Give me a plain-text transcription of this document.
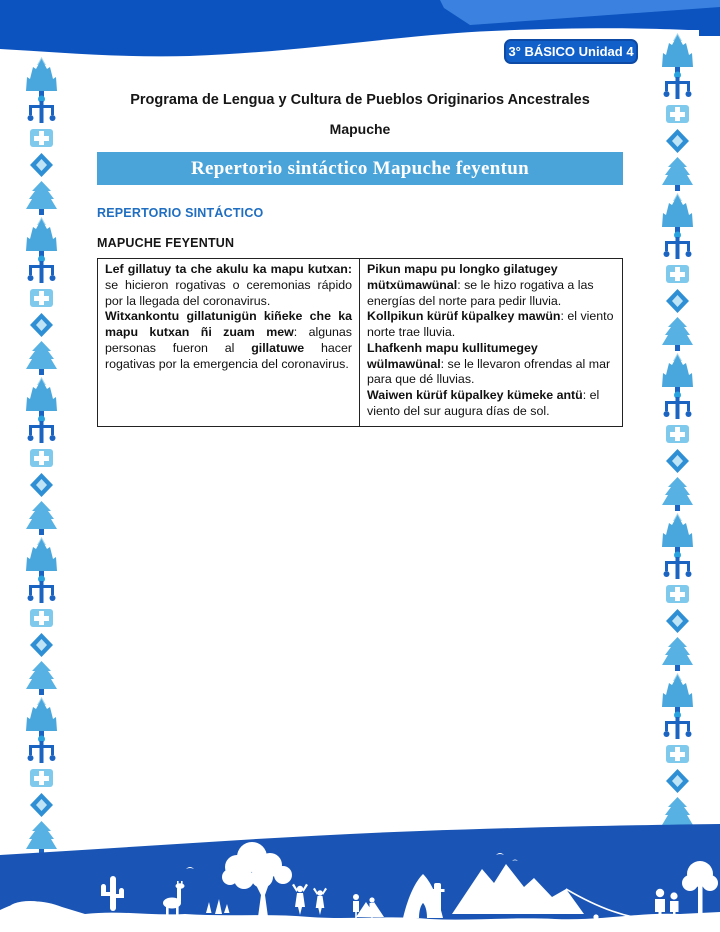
3° BÁSICO Unidad 4
Programa de Lengua y Cultura de Pueblos Originarios Ancestrales
Mapuche
Repertorio sintáctico Mapuche feyentun
REPERTORIO SINTÁCTICO
MAPUCHE FEYENTUN

Lef gillatuy ta che akulu ka mapu kutxan: se hicieron rogativas o ceremonias rápido por la llegada del coronavirus.

Witxankontu gillatunigün kiñeke che ka mapu kutxan ñi zuam mew: algunas personas fueron al gillatuwe hacer rogativas por la emergencia del coronavirus.

Pikun mapu pu longko gilatugey mütxümawünal: se le hizo rogativa a las energías del norte para pedir lluvia.

Kollpikun kürüf küpalkey mawün: el viento norte trae lluvia.

Lhafkenh mapu kullitumegey wülmawünal: se le llevaron ofrendas al mar para que dé lluvias.

Waiwen kürüf küpalkey kümeke antü: el viento del sur augura días de sol.
